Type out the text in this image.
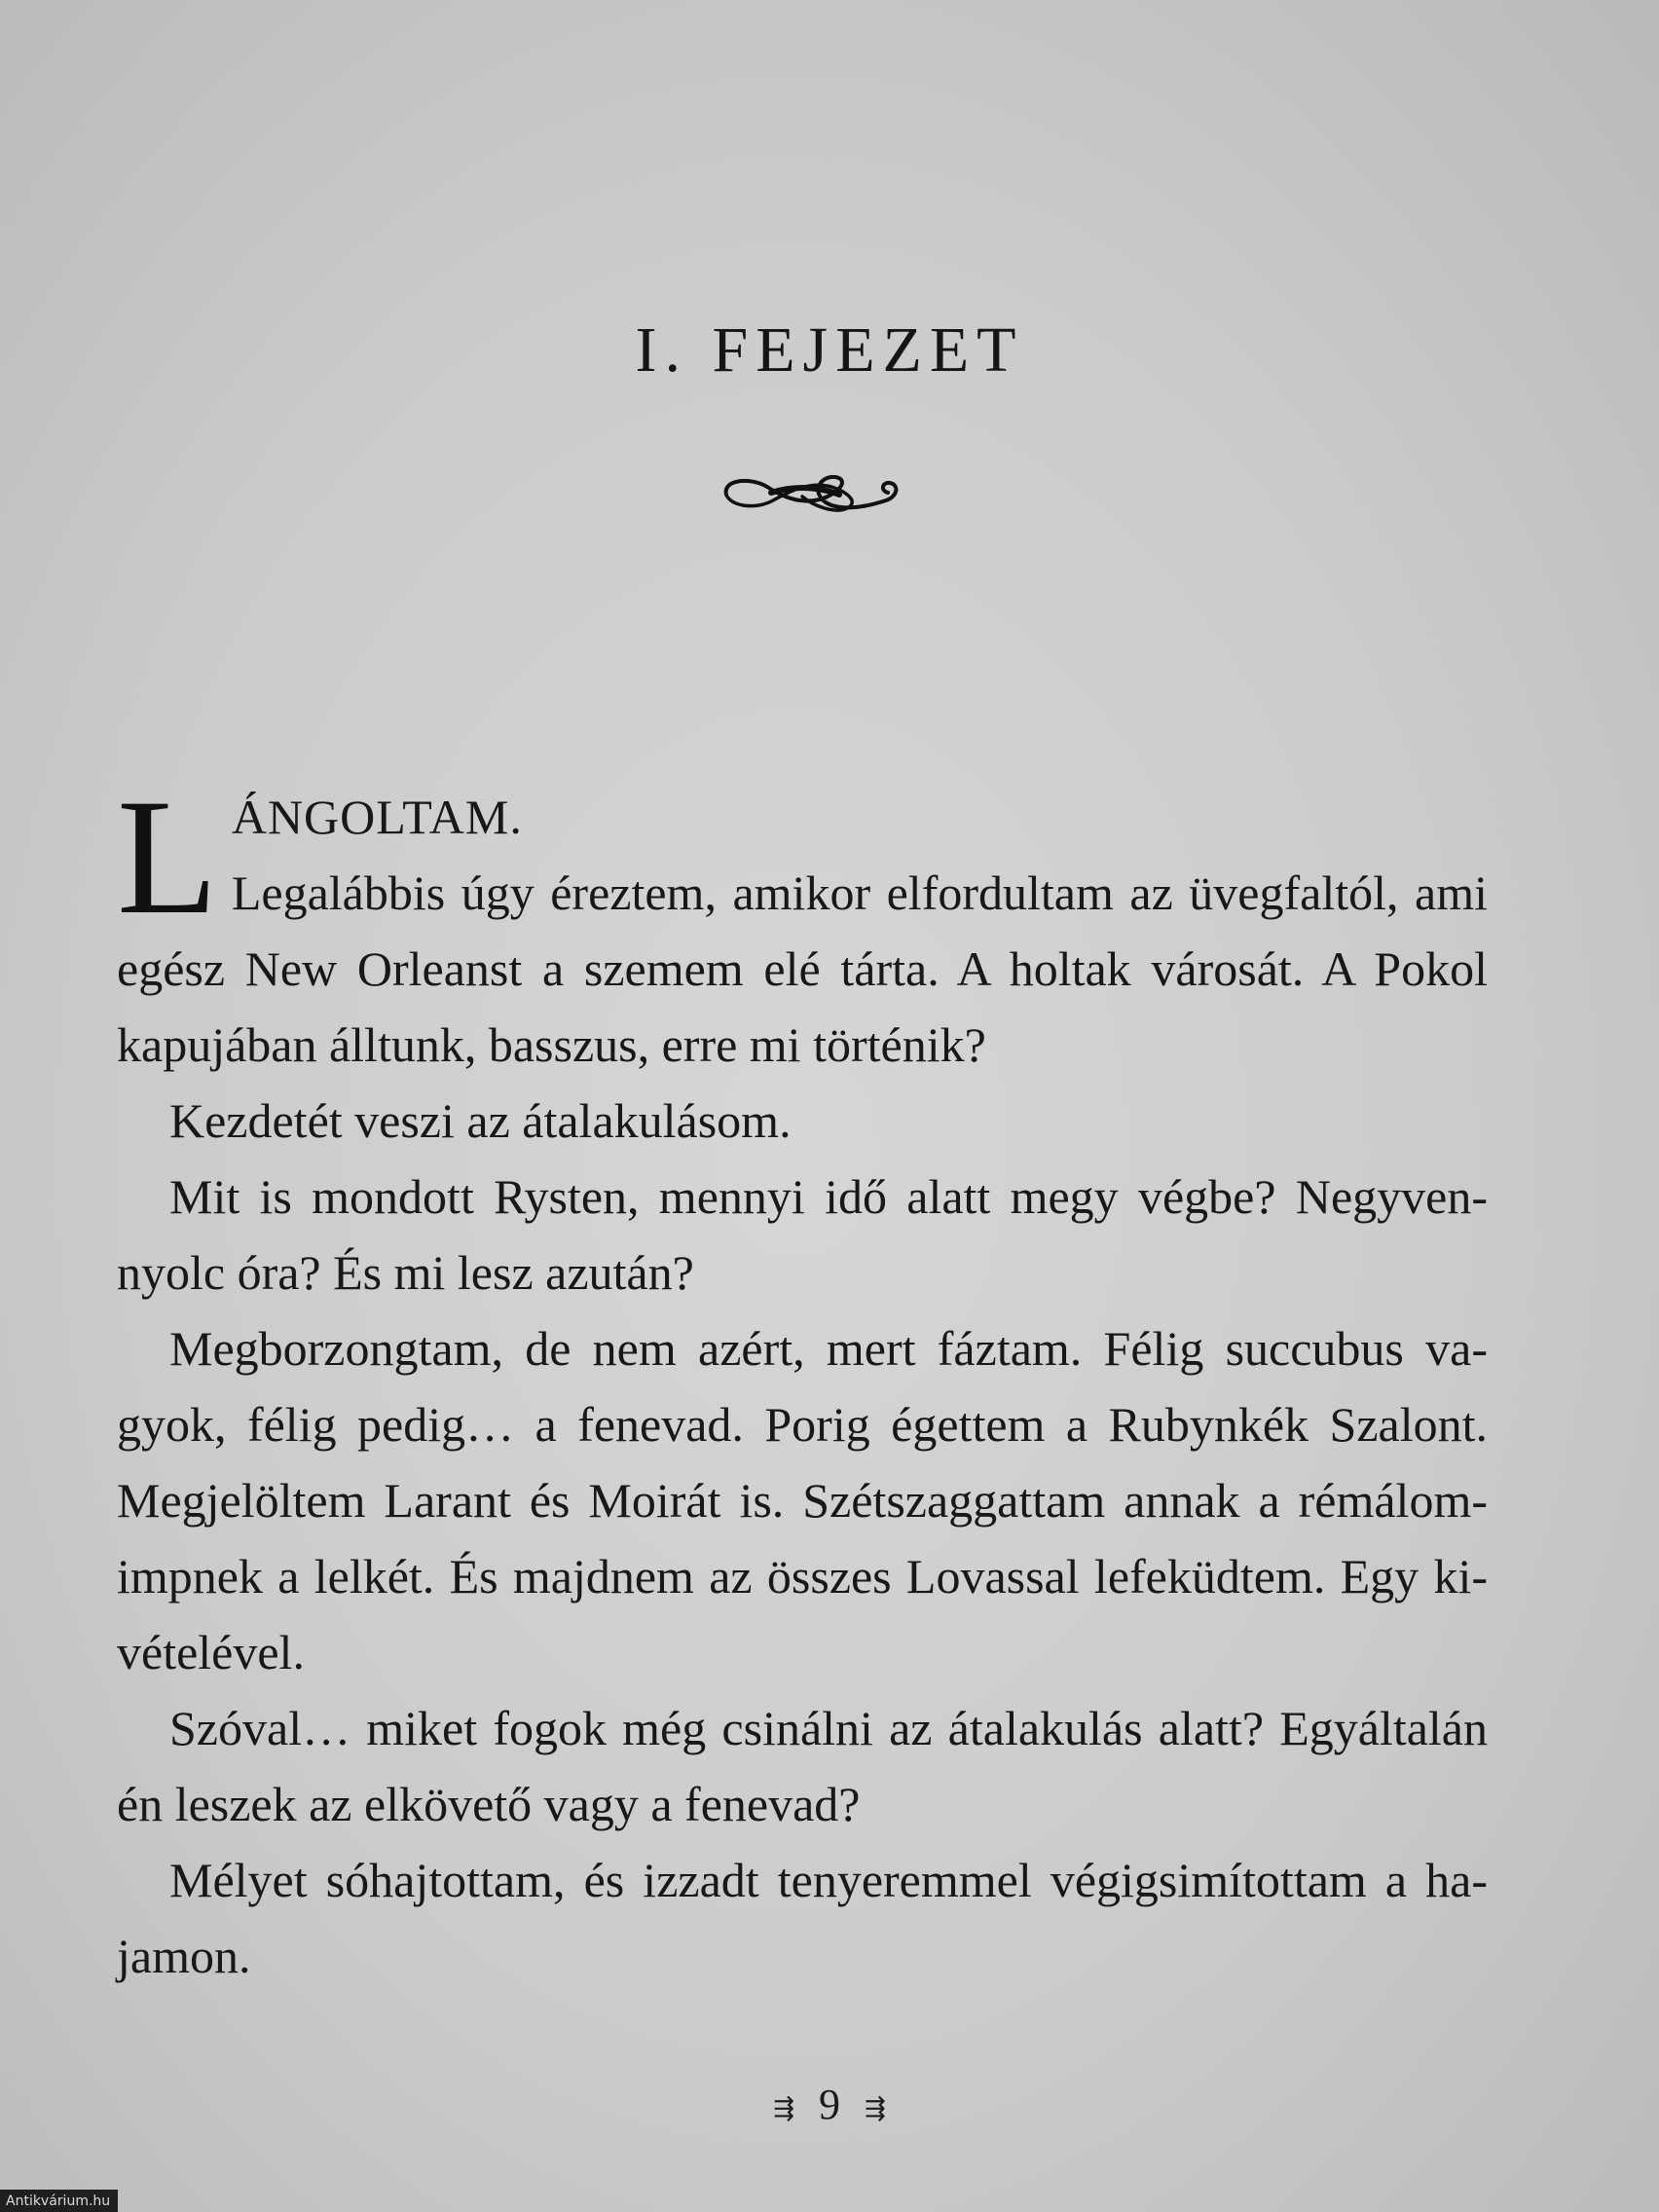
I. FEJEZET

L ÁNGOLTAM.
Legalábbis úgy éreztem, amikor elfordultam az üvegfaltól, ami egész New Orleanst a szemem elé tárta. A holtak városát. A Pokol kapujában álltunk, basszus, erre mi történik?

Kezdetét veszi az átalakulásom.

Mit is mondott Rysten, mennyi idő alatt megy végbe? Negyvennyolc óra? És mi lesz azután?

Megborzongtam, de nem azért, mert fáztam. Félig succubus vagyok, félig pedig… a fenevad. Porig égettem a Rubynkék Szalont. Megjelöltem Larant és Moirát is. Szétszaggattam annak a rémálomimpnek a lelkét. És majdnem az összes Lovassal lefeküdtem. Egy kivételével.

Szóval… miket fogok még csinálni az átalakulás alatt? Egyáltalán én leszek az elkövető vagy a fenevad?

Mélyet sóhajtottam, és izzadt tenyeremmel végigsimítottam a hajamon.

⇶ 9 ⇶
Antikvárium.hu
